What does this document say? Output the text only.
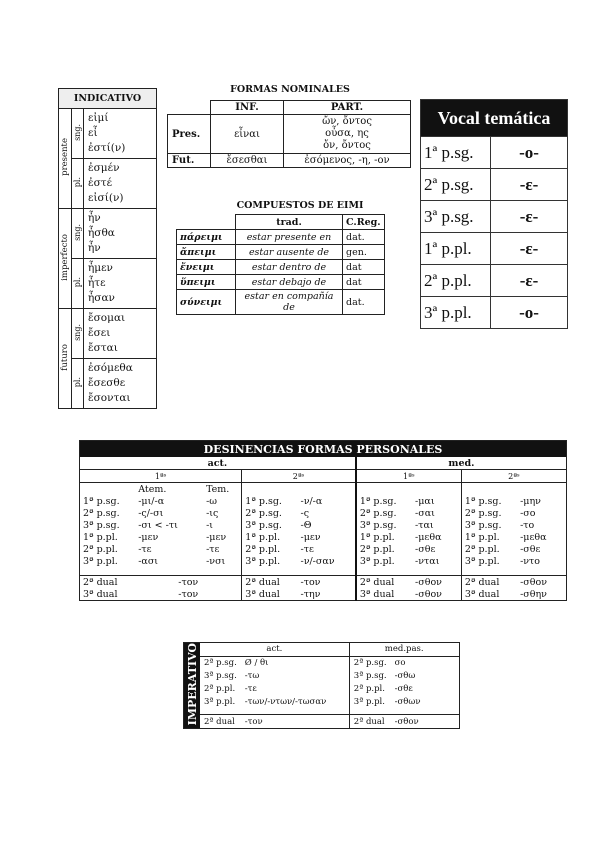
INDICATIVO		
presente	sng.	εἰμί
εἶ
ἐστί(ν)

	pl.	ἐσμέν
ἐστέ
εἰσί(ν)

imperfecto	sng.	ἦν
ἦσθα
ἦν

	pl.	ἦμεν
ἦτε
ἦσαν

futuro	sng.	ἔσομαι
ἔσει
ἔσται

	pl.	ἐσόμεθα
ἔσεσθε
ἔσονται
FORMAS NOMINALES
	INF.	PART.
Pres.	εἶναι	ὤν, ὄντος
οὖσα, ης
ὄν, ὄντος

Fut.	ἔσεσθαι	ἐσόμενος, -η, -ον
COMPUESTOS DE EIMI
	trad.	C.Reg.
πάρειμι	estar presente en	dat.
ἄπειμι	estar ausente de	gen.
ἔνειμι	estar dentro de	dat
ὕπειμι	estar debajo de	dat
σύνειμι	estar en compañía de	dat.
Vocal temática	
1ª p.sg.	-o-
2ª p.sg.	-ε-
3ª p.sg.	-ε-
1ª p.pl.	-ε-
2ª p.pl.	-ε-
3ª p.pl.	-o-
DESINENCIAS FORMAS PERSONALES								
act.					med.			
1ªˢ			2ªˢ		1ªˢ		2ªˢ	
	Atem.	Tem.						
1ª p.sg.	-μι/-α	-ω	1ª p.sg.	-ν/-α	1ª p.sg.	-μαι	1ª p.sg.	-μην
2ª p.sg.	-ς/-σι	-ις	2ª p.sg.	-ς	2ª p.sg.	-σαι	2ª p.sg.	-σο
3ª p.sg.	-σι < -τι	-ι	3ª p.sg.	-Θ	3ª p.sg.	-ται	3ª p.sg.	-το
1ª p.pl.	-μεν	-μεν	1ª p.pl.	-μεν	1ª p.pl.	-μεθα	1ª p.pl.	-μεθα
2ª p.pl.	-τε	-τε	2ª p.pl.	-τε	2ª p.pl.	-σθε	2ª p.pl.	-σθε
3ª p.pl.	-ασι	-νσι	3ª p.pl.	-ν/-σαν	3ª p.pl.	-νται	3ª p.pl.	-ντο

2ª dual	-τον		2ª dual	-τον	2ª dual	-σθον	2ª dual	-σθον
3ª dual	-τον		3ª dual	-την	3ª dual	-σθον	3ª dual	-σθην
IMPERATIVO	act.		med.pas.	
	2ª p.sg.	Ø / θι	2ª p.sg.	σο
	3ª p.sg.	-τω	3ª p.sg.	-σθω
	2ª p.pl.	-τε	2ª p.pl.	-σθε
	3ª p.pl.	-των/-ντων/-τωσαν	3ª p.pl.	-σθων

	2ª dual	-τον	2ª dual	-σθον
